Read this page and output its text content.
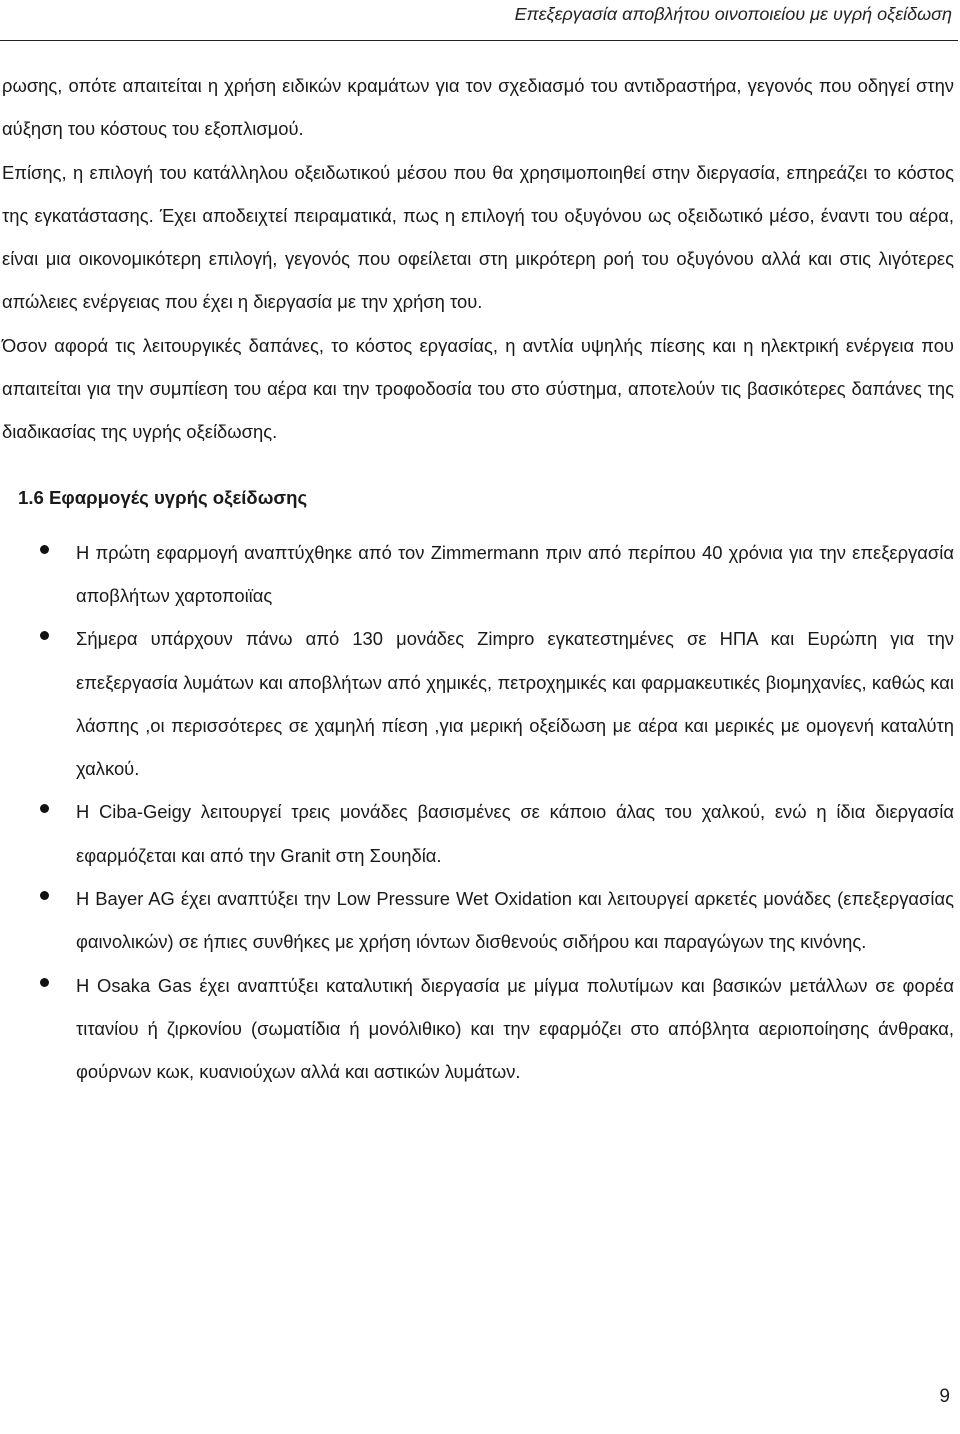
Επεξεργασία αποβλήτου οινοποιείου με υγρή οξείδωση

ρωσης, οπότε απαιτείται η χρήση ειδικών κραμάτων για τον σχεδιασμό του αντιδραστήρα, γεγονός που οδηγεί στην αύξηση του κόστους του εξοπλισμού.

Επίσης, η επιλογή του κατάλληλου οξειδωτικού μέσου που θα χρησιμοποιηθεί στην διεργασία, επηρεάζει το κόστος της εγκατάστασης. Έχει αποδειχτεί πειραματικά, πως η επιλογή του οξυγόνου ως οξειδωτικό μέσο, έναντι του αέρα, είναι μια οικονομικότερη επιλογή, γεγονός που οφείλεται στη μικρότερη ροή του οξυγόνου αλλά και στις λιγότερες απώλειες ενέργειας που έχει η διεργασία με την χρήση του.

Όσον αφορά τις λειτουργικές δαπάνες, το κόστος εργασίας, η αντλία υψηλής πίεσης και η ηλεκτρική ενέργεια που απαιτείται για την συμπίεση του αέρα και την τροφοδοσία του στο σύστημα, αποτελούν τις βασικότερες δαπάνες της διαδικασίας της υγρής οξείδωσης.

1.6 Εφαρμογές υγρής οξείδωσης
Η πρώτη εφαρμογή αναπτύχθηκε από τον Zimmermann πριν από περίπου 40 χρόνια για την επεξεργασία αποβλήτων χαρτοποιϊας
Σήμερα υπάρχουν πάνω από 130 μονάδες Zimpro εγκατεστημένες σε ΗΠΑ και Ευρώπη για την επεξεργασία λυμάτων και αποβλήτων από χημικές, πετροχημικές και φαρμακευτικές βιομηχανίες, καθώς και λάσπης ,οι περισσότερες σε χαμηλή πίεση ,για μερική οξείδωση με αέρα και μερικές με ομογενή καταλύτη χαλκού.
Η Ciba-Geigy λειτουργεί τρεις μονάδες βασισμένες σε κάποιο άλας του χαλκού, ενώ η ίδια διεργασία εφαρμόζεται και από την Granit στη Σουηδία.
Η Bayer AG έχει αναπτύξει την Low Pressure Wet Oxidation και λειτουργεί αρκετές μονάδες (επεξεργασίας φαινολικών) σε ήπιες συνθήκες με χρήση ιόντων δισθενούς σιδήρου και παραγώγων της κινόνης.
Η Osaka Gas έχει αναπτύξει καταλυτική διεργασία με μίγμα πολυτίμων και βασικών μετάλλων σε φορέα τιτανίου ή ζιρκονίου (σωματίδια ή μονόλιθικο) και την εφαρμόζει στο απόβλητα αεριοποίησης άνθρακα, φούρνων κωκ, κυανιούχων αλλά και αστικών λυμάτων.
9
